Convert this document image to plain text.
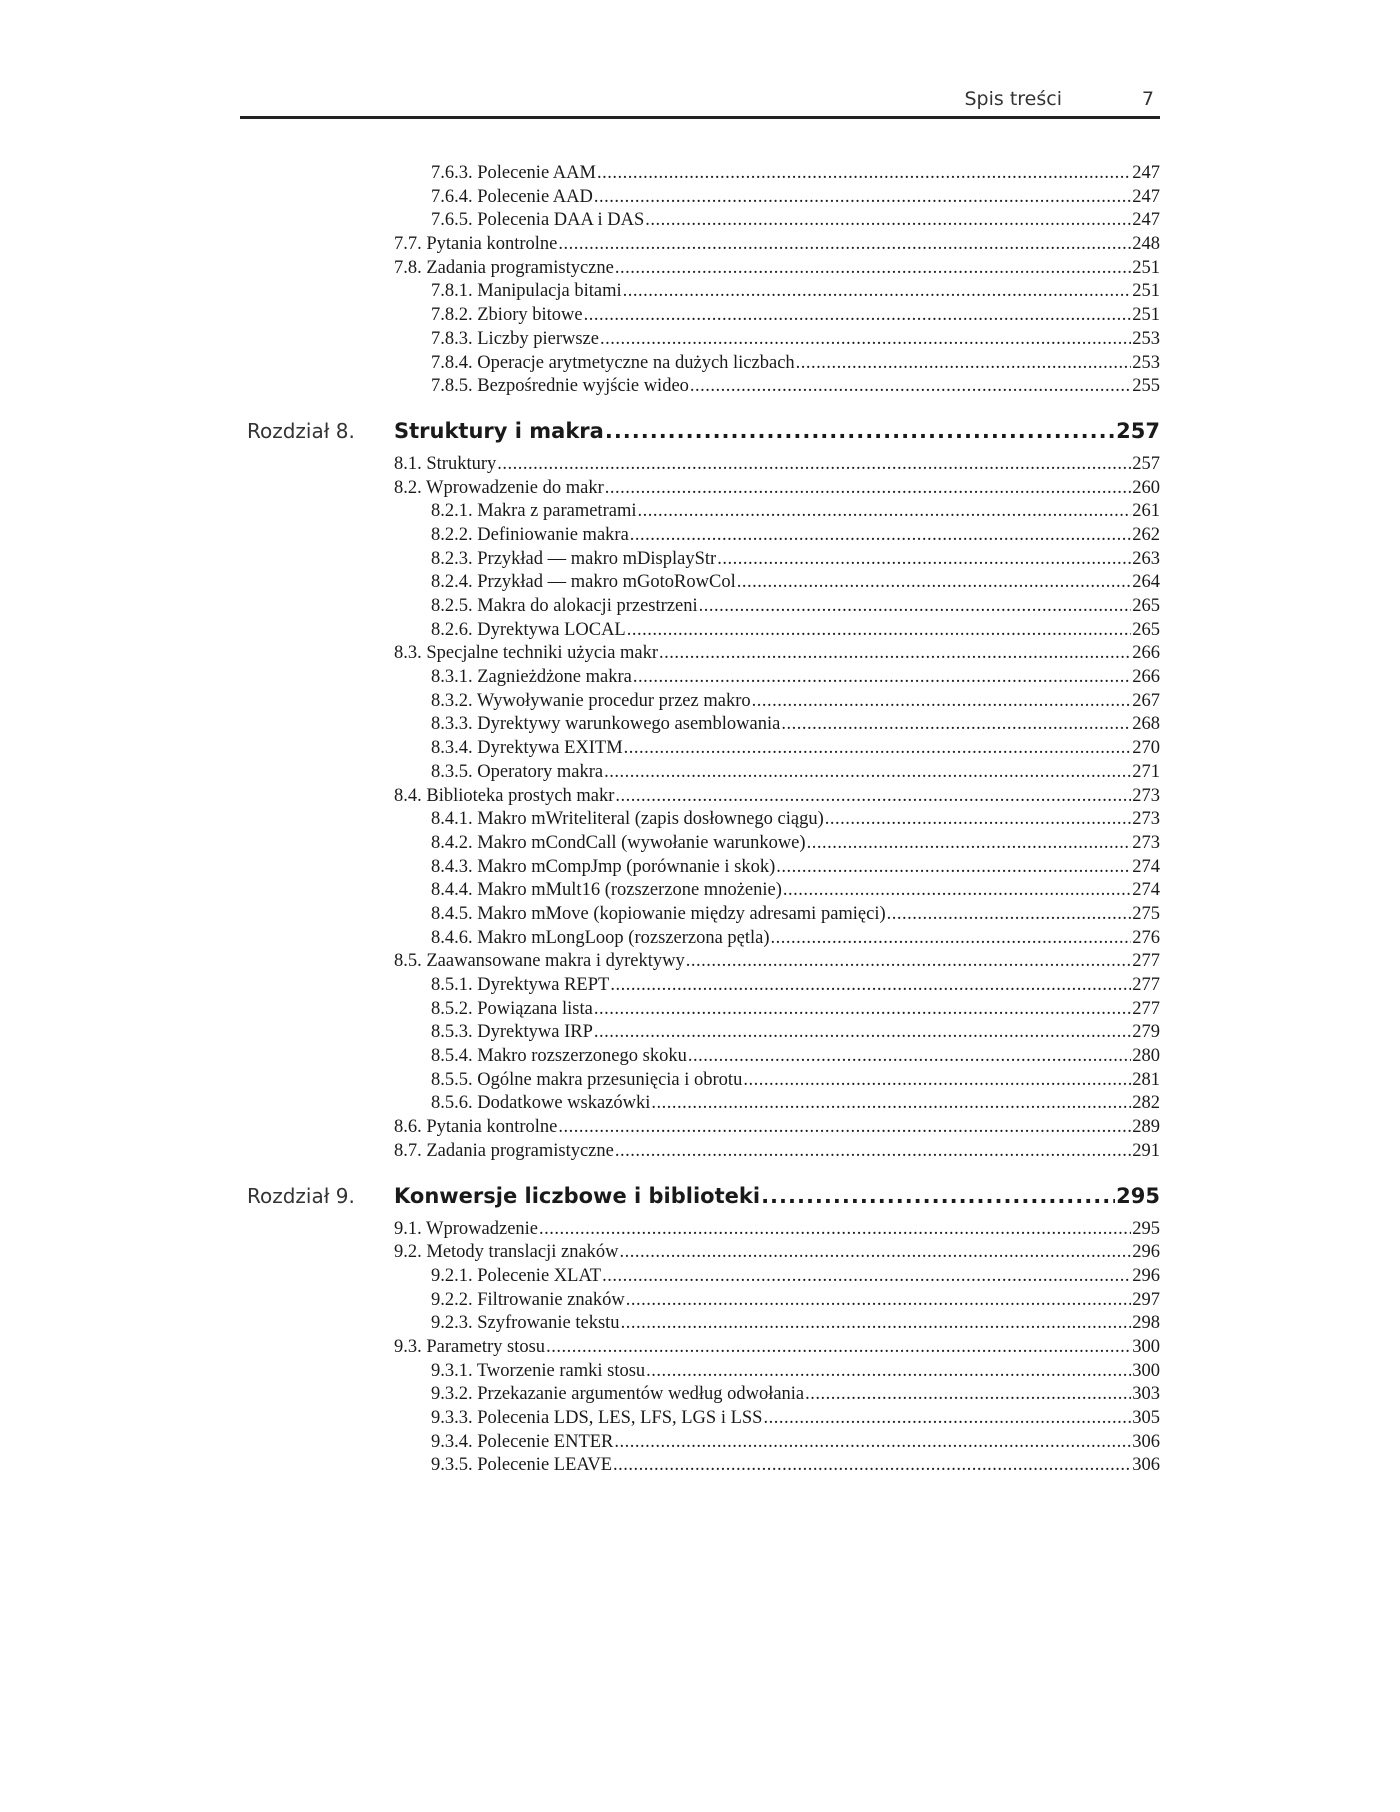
Spis treści	7
7.6.3. Polecenie AAM .....	247
7.6.4. Polecenie AAD .....	247
7.6.5. Polecenia DAA i DAS .....	247
7.7. Pytania kontrolne .....	248
7.8. Zadania programistyczne .....	251
7.8.1. Manipulacja bitami .....	251
7.8.2. Zbiory bitowe .....	251
7.8.3. Liczby pierwsze .....	253
7.8.4. Operacje arytmetyczne na dużych liczbach .....	253
7.8.5. Bezpośrednie wyjście wideo .....	255
Rozdział 8. Struktury i makra .....	257
8.1. Struktury .....	257
8.2. Wprowadzenie do makr .....	260
8.2.1. Makra z parametrami .....	261
8.2.2. Definiowanie makra .....	262
8.2.3. Przykład — makro mDisplayStr .....	263
8.2.4. Przykład — makro mGotoRowCol .....	264
8.2.5. Makra do alokacji przestrzeni .....	265
8.2.6. Dyrektywa LOCAL .....	265
8.3. Specjalne techniki użycia makr .....	266
8.3.1. Zagnieżdżone makra .....	266
8.3.2. Wywoływanie procedur przez makro .....	267
8.3.3. Dyrektywy warunkowego asemblowania .....	268
8.3.4. Dyrektywa EXITM .....	270
8.3.5. Operatory makra .....	271
8.4. Biblioteka prostych makr .....	273
8.4.1. Makro mWriteliteral (zapis dosłownego ciągu) .....	273
8.4.2. Makro mCondCall (wywołanie warunkowe) .....	273
8.4.3. Makro mCompJmp (porównanie i skok) .....	274
8.4.4. Makro mMult16 (rozszerzone mnożenie) .....	274
8.4.5. Makro mMove (kopiowanie między adresami pamięci) .....	275
8.4.6. Makro mLongLoop (rozszerzona pętla) .....	276
8.5. Zaawansowane makra i dyrektywy .....	277
8.5.1. Dyrektywa REPT .....	277
8.5.2. Powiązana lista .....	277
8.5.3. Dyrektywa IRP .....	279
8.5.4. Makro rozszerzonego skoku .....	280
8.5.5. Ogólne makra przesunięcia i obrotu .....	281
8.5.6. Dodatkowe wskazówki .....	282
8.6. Pytania kontrolne .....	289
8.7. Zadania programistyczne .....	291
Rozdział 9. Konwersje liczbowe i biblioteki .....	295
9.1. Wprowadzenie .....	295
9.2. Metody translacji znaków .....	296
9.2.1. Polecenie XLAT .....	296
9.2.2. Filtrowanie znaków .....	297
9.2.3. Szyfrowanie tekstu .....	298
9.3. Parametry stosu .....	300
9.3.1. Tworzenie ramki stosu .....	300
9.3.2. Przekazanie argumentów według odwołania .....	303
9.3.3. Polecenia LDS, LES, LFS, LGS i LSS .....	305
9.3.4. Polecenie ENTER .....	306
9.3.5. Polecenie LEAVE .....	306
